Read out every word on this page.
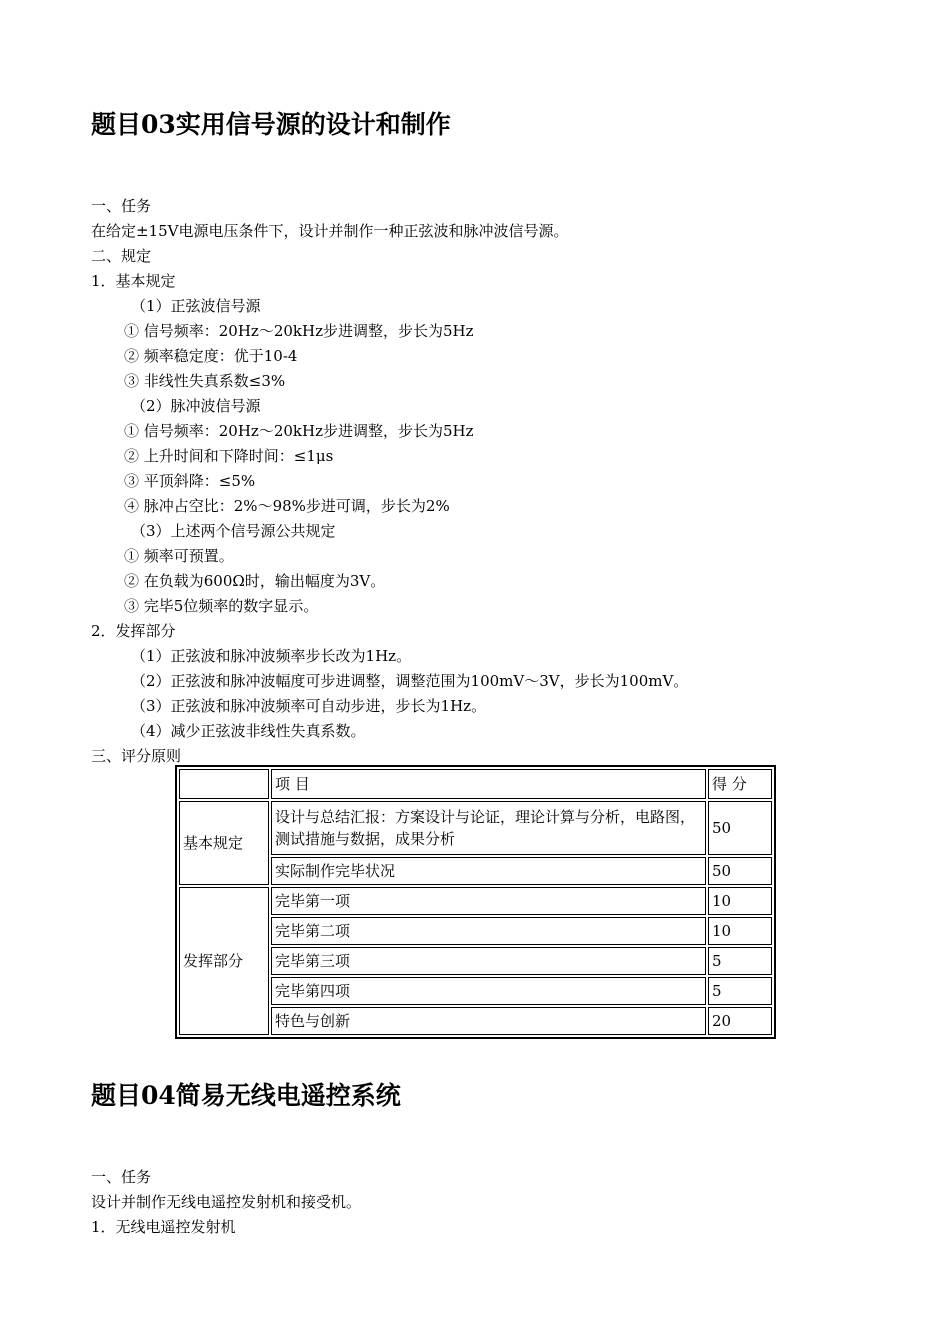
题目03实用信号源的设计和制作
一、任务
在给定±15V电源电压条件下，设计并制作一种正弦波和脉冲波信号源。
二、规定
1．基本规定
（1）正弦波信号源
① 信号频率：20Hz～20kHz步进调整，步长为5Hz
② 频率稳定度：优于10-4
③ 非线性失真系数≤3%
（2）脉冲波信号源
① 信号频率：20Hz～20kHz步进调整，步长为5Hz
② 上升时间和下降时间：≤1μs
③ 平顶斜降：≤5%
④ 脉冲占空比：2%～98%步进可调，步长为2%
（3）上述两个信号源公共规定
① 频率可预置。
② 在负载为600Ω时，输出幅度为3V。
③ 完毕5位频率的数字显示。
2．发挥部分
（1）正弦波和脉冲波频率步长改为1Hz。
（2）正弦波和脉冲波幅度可步进调整，调整范围为100mV～3V，步长为100mV。
（3）正弦波和脉冲波频率可自动步进，步长为1Hz。
（4）减少正弦波非线性失真系数。
三、评分原则
	项 目	得 分
基本规定	设计与总结汇报：方案设计与论证，理论计算与分析，电路图，测试措施与数据，成果分析	50
	实际制作完毕状况	50
发挥部分	完毕第一项	10
	完毕第二项	10
	完毕第三项	5
	完毕第四项	5
	特色与创新	20
题目04简易无线电遥控系统
一、任务
设计并制作无线电遥控发射机和接受机。
1．无线电遥控发射机
